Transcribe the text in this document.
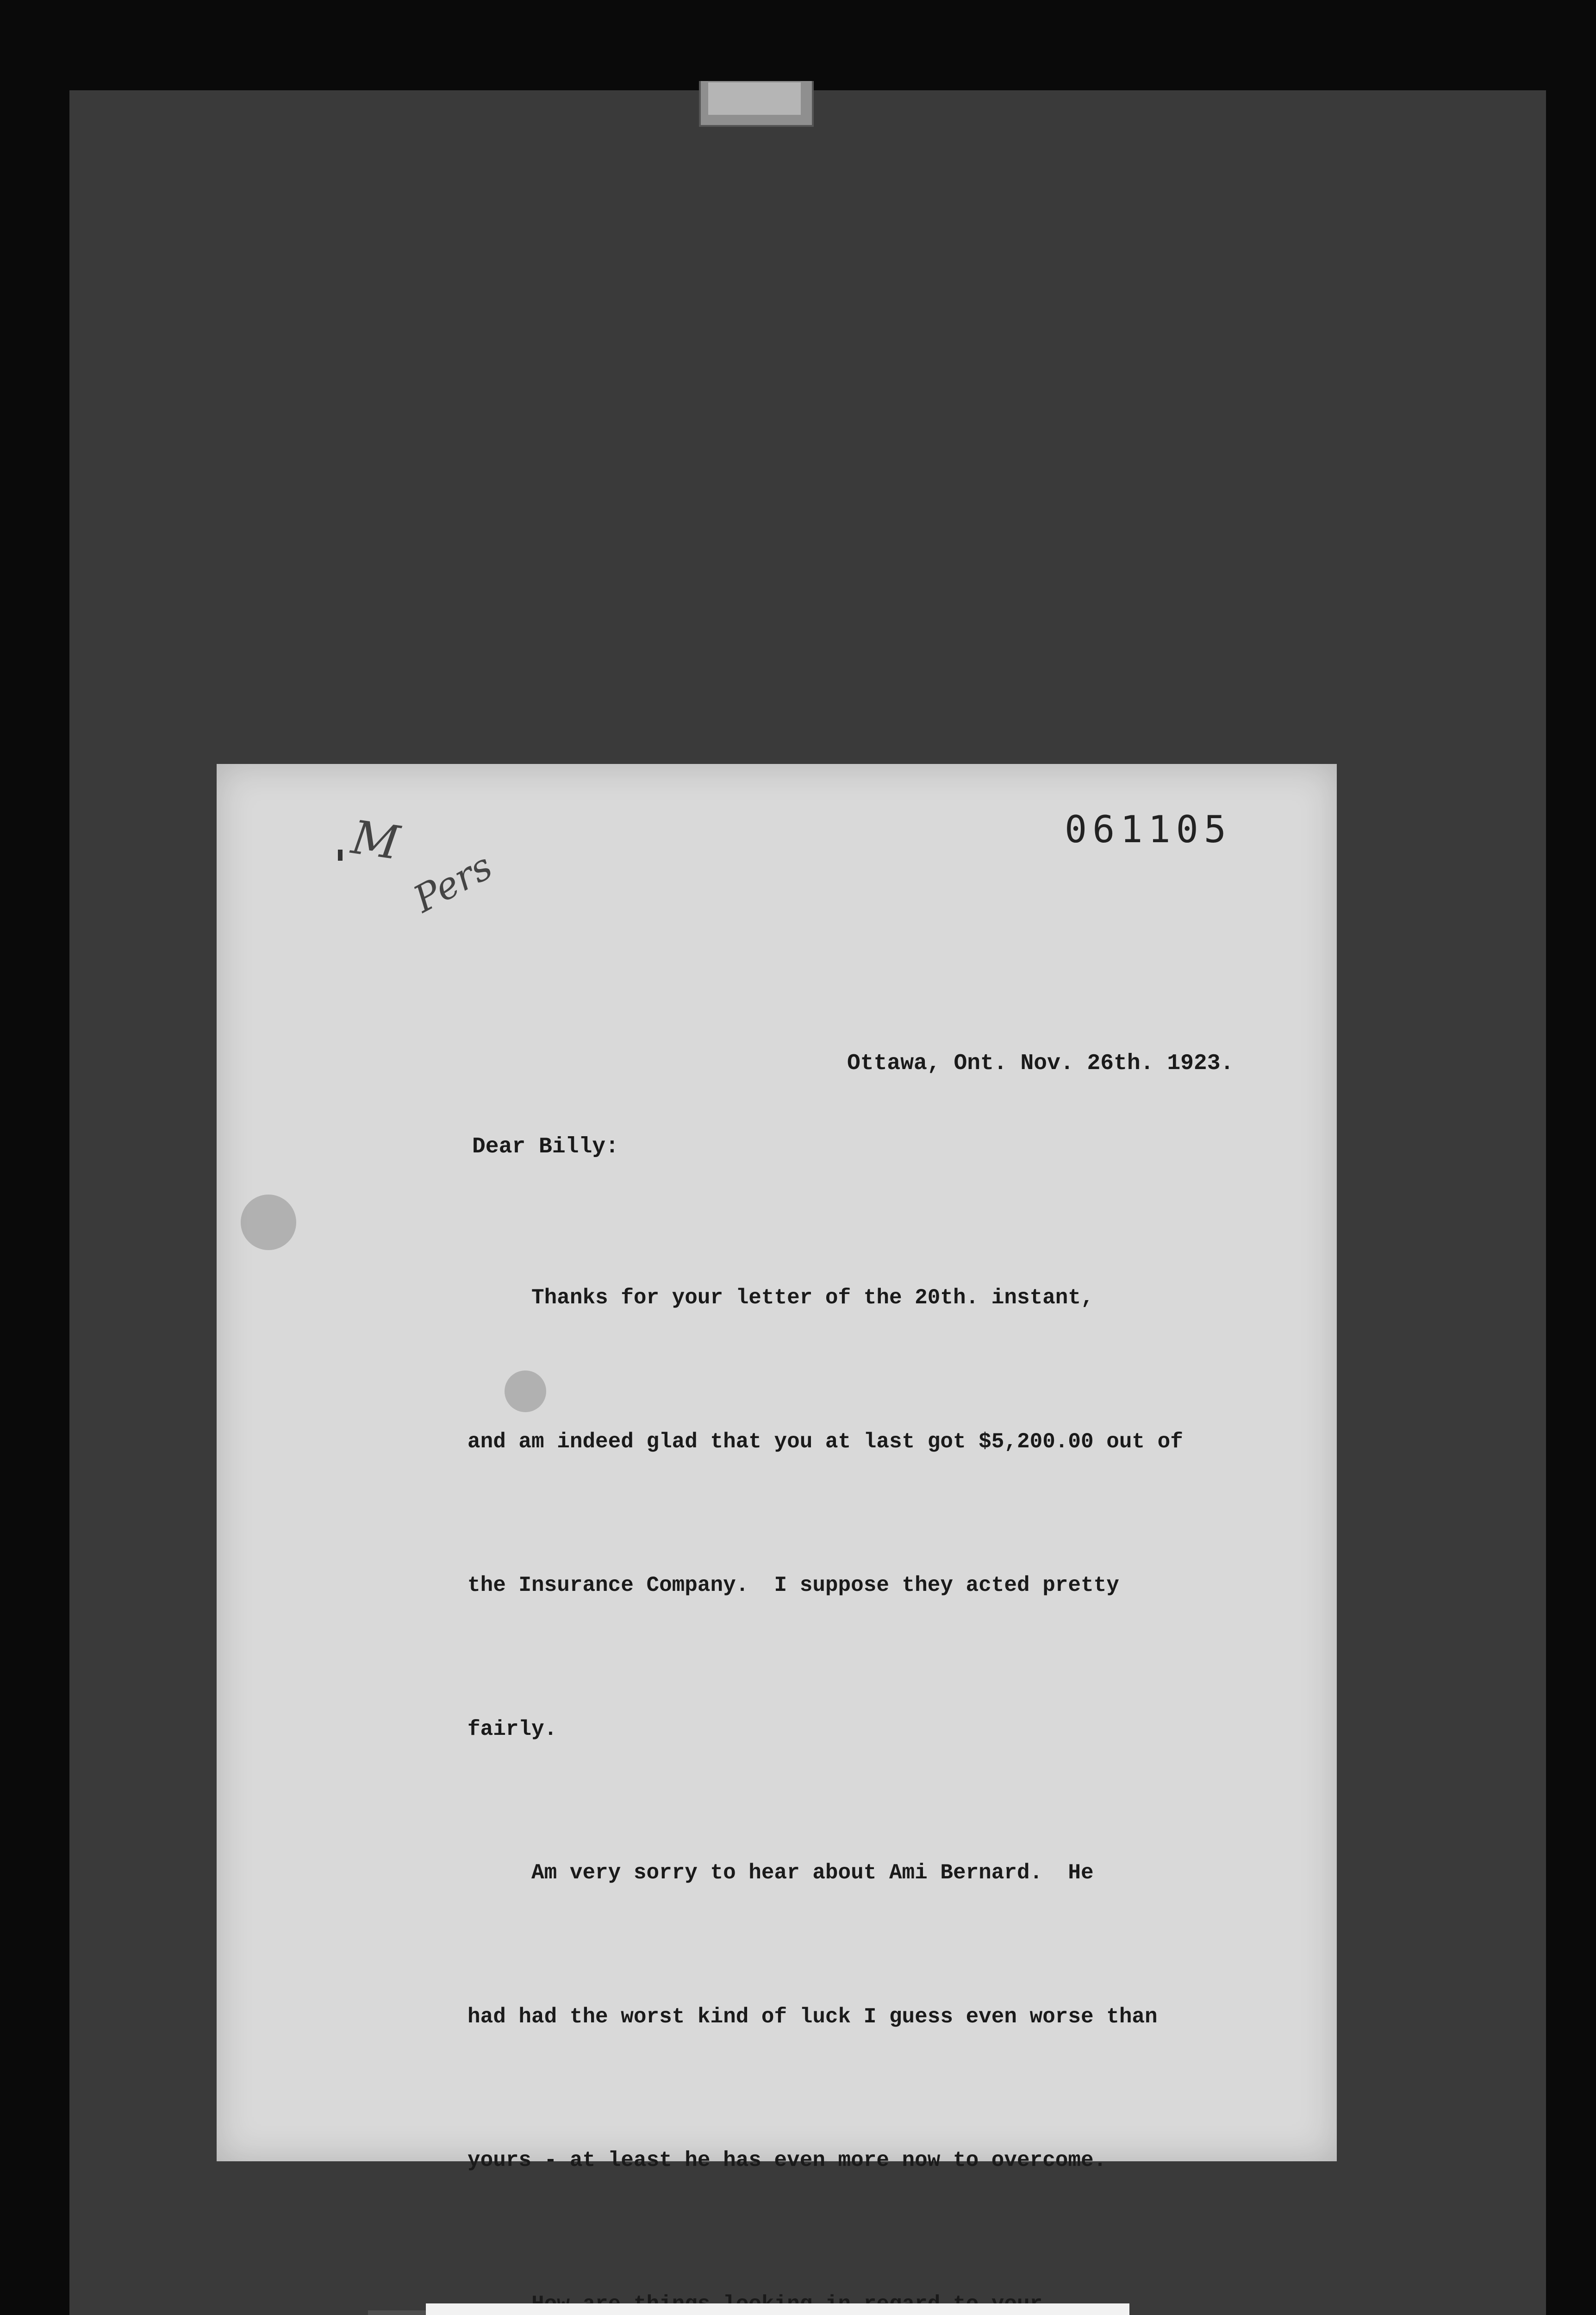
M
Pers
061105
Ottawa, Ont. Nov. 26th. 1923.
Dear Billy:

Thanks for your letter of the 20th. instant,

and am indeed glad that you at last got $5,200.00 out of

the Insurance Company.  I suppose they acted pretty

fairly.

Am very sorry to hear about Ami Bernard.  He

had had the worst kind of luck I guess even worse than

yours - at least he has even more now to overcome.
